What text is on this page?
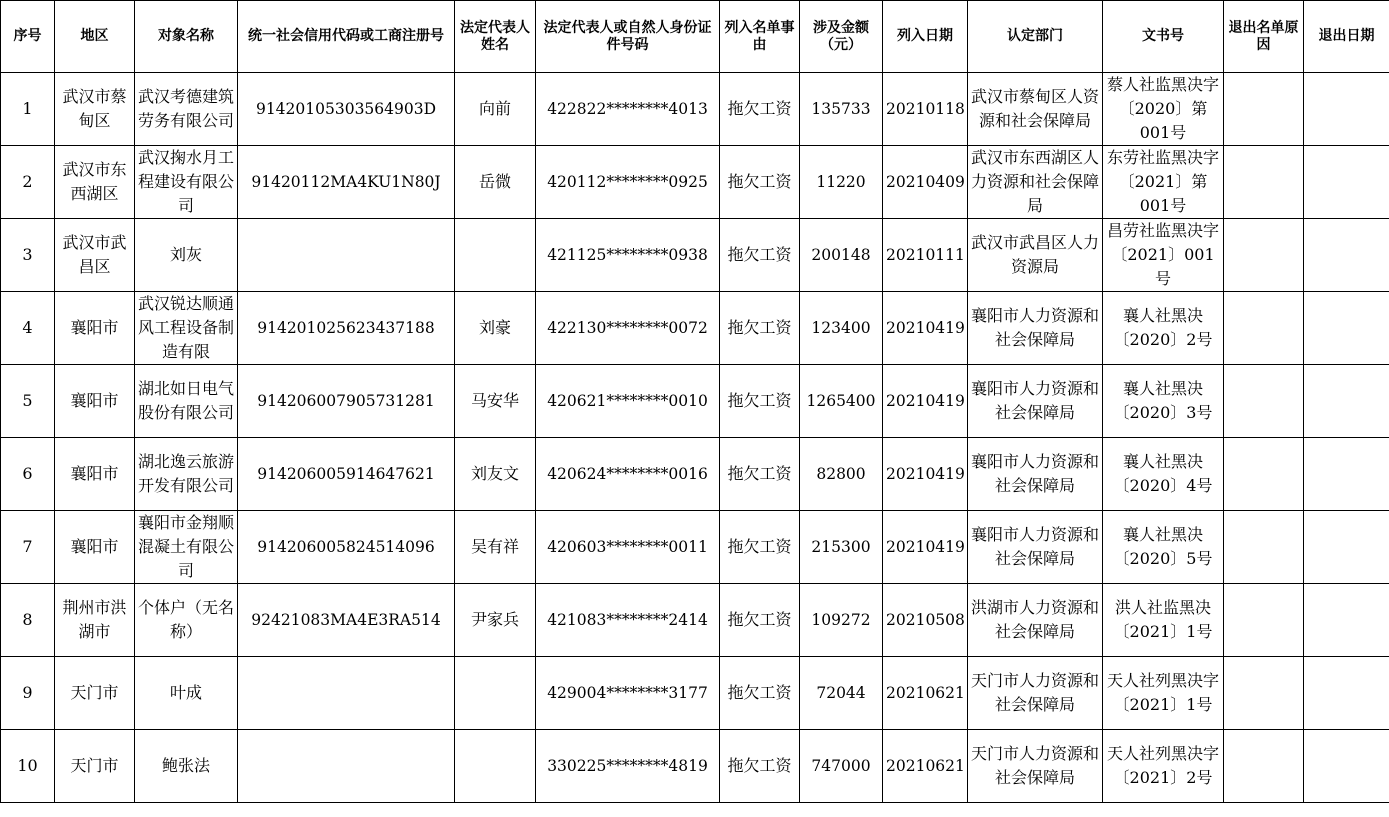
序号	地区	对象名称	统一社会信用代码或工商注册号	法定代表人姓名	法定代表人或自然人身份证件号码	列入名单事由	涉及金额（元）	列入日期	认定部门	文书号	退出名单原因	退出日期
1	武汉市蔡甸区	武汉考德建筑劳务有限公司	91420105303564903D	向前	422822********4013	拖欠工资	135733	20210118	武汉市蔡甸区人资源和社会保障局	蔡人社监黑决字〔2020〕第001号		
2	武汉市东西湖区	武汉掬水月工程建设有限公司	91420112MA4KU1N80J	岳微	420112********0925	拖欠工资	11220	20210409	武汉市东西湖区人力资源和社会保障局	东劳社监黑决字〔2021〕第001号		
3	武汉市武昌区	刘灰			421125********0938	拖欠工资	200148	20210111	武汉市武昌区人力资源局	昌劳社监黑决字〔2021〕001号		
4	襄阳市	武汉锐达顺通风工程设备制造有限	914201025623437188	刘豪	422130********0072	拖欠工资	123400	20210419	襄阳市人力资源和社会保障局	襄人社黑决〔2020〕2号		
5	襄阳市	湖北如日电气股份有限公司	914206007905731281	马安华	420621********0010	拖欠工资	1265400	20210419	襄阳市人力资源和社会保障局	襄人社黑决〔2020〕3号		
6	襄阳市	湖北逸云旅游开发有限公司	914206005914647621	刘友文	420624********0016	拖欠工资	82800	20210419	襄阳市人力资源和社会保障局	襄人社黑决〔2020〕4号		
7	襄阳市	襄阳市金翔顺混凝土有限公司	914206005824514096	吴有祥	420603********0011	拖欠工资	215300	20210419	襄阳市人力资源和社会保障局	襄人社黑决〔2020〕5号		
8	荆州市洪湖市	个体户（无名称）	92421083MA4E3RA514	尹家兵	421083********2414	拖欠工资	109272	20210508	洪湖市人力资源和社会保障局	洪人社监黑决〔2021〕1号		
9	天门市	叶成			429004********3177	拖欠工资	72044	20210621	天门市人力资源和社会保障局	天人社列黑决字〔2021〕1号		
10	天门市	鲍张法			330225********4819	拖欠工资	747000	20210621	天门市人力资源和社会保障局	天人社列黑决字〔2021〕2号		
